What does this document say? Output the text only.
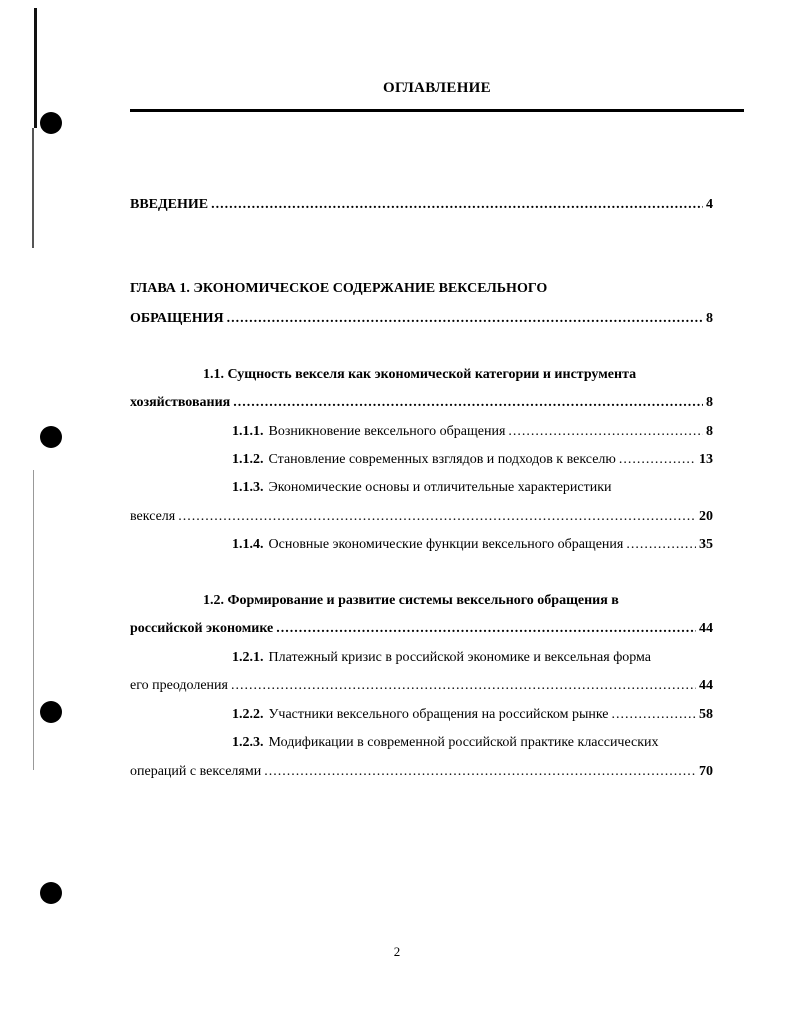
ОГЛАВЛЕНИЕ
ВВЕДЕНИЕ .....	4
ГЛАВА 1. ЭКОНОМИЧЕСКОЕ СОДЕРЖАНИЕ ВЕКСЕЛЬНОГО
ОБРАЩЕНИЯ .....	8
1.1. Сущность векселя как экономической категории и инструмента
хозяйствования .....	8
1.1.1. Возникновение вексельного обращения .....	8
1.1.2. Становление современных взглядов и подходов к векселю .....	13
1.1.3. Экономические основы и отличительные характеристики
векселя .....	20
1.1.4. Основные экономические функции вексельного обращения .....	35
1.2. Формирование и развитие системы вексельного обращения в
российской экономике .....	44
1.2.1. Платежный кризис в российской экономике и вексельная форма
его преодоления .....	44
1.2.2. Участники вексельного обращения на российском рынке .....	58
1.2.3. Модификации в современной российской практике классических
операций с векселями .....	70
2
